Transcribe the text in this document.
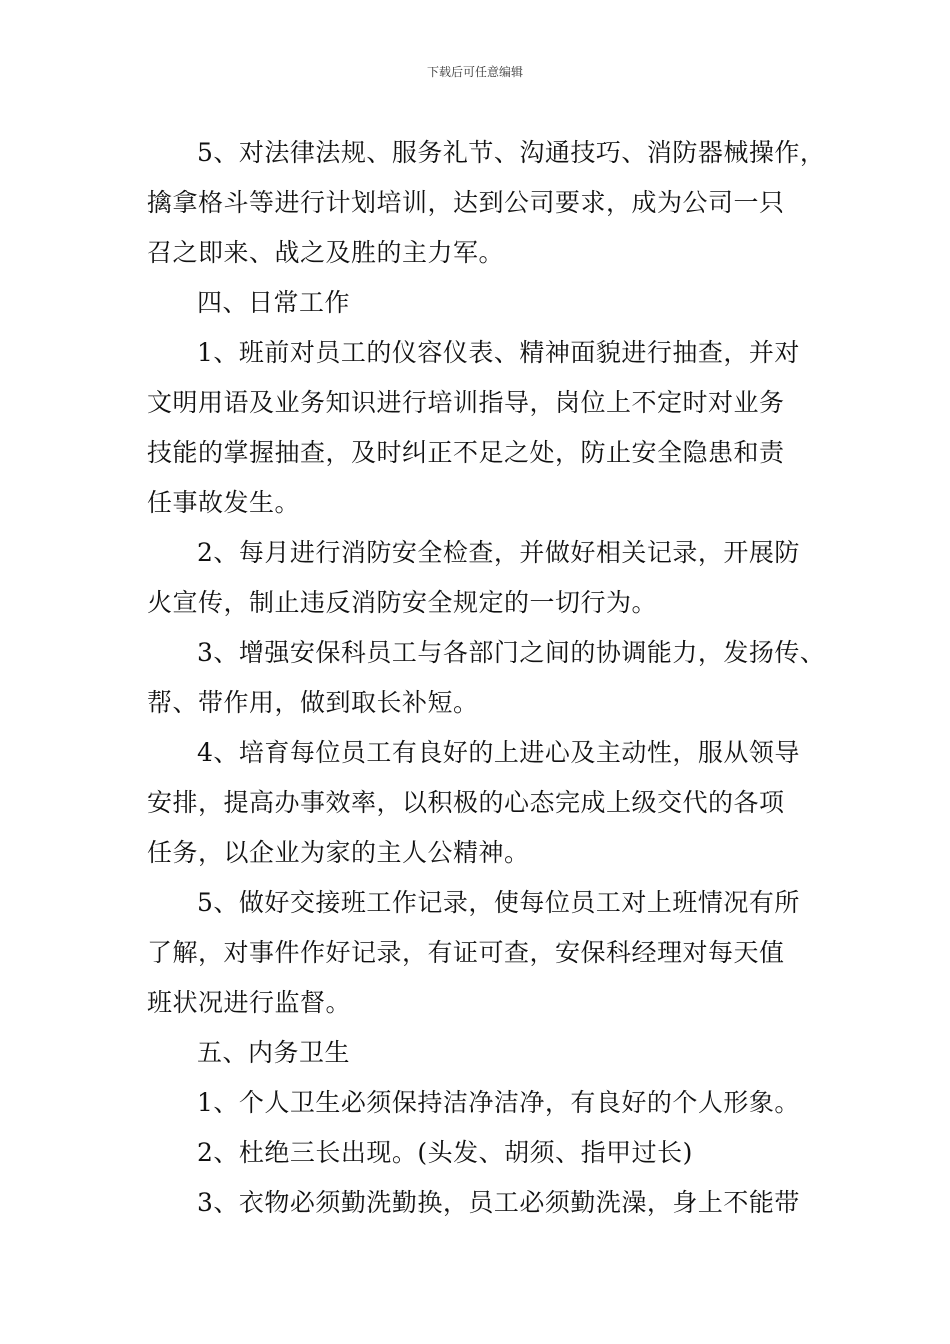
下载后可任意编辑

5、对法律法规、服务礼节、沟通技巧、消防器械操作，
擒拿格斗等进行计划培训，达到公司要求，成为公司一只
召之即来、战之及胜的主力军。

四、日常工作

1、班前对员工的仪容仪表、精神面貌进行抽查，并对
文明用语及业务知识进行培训指导，岗位上不定时对业务
技能的掌握抽查，及时纠正不足之处，防止安全隐患和责
任事故发生。

2、每月进行消防安全检查，并做好相关记录，开展防
火宣传，制止违反消防安全规定的一切行为。

3、增强安保科员工与各部门之间的协调能力，发扬传、
帮、带作用，做到取长补短。

4、培育每位员工有良好的上进心及主动性，服从领导
安排，提高办事效率，以积极的心态完成上级交代的各项
任务，以企业为家的主人公精神。

5、做好交接班工作记录，使每位员工对上班情况有所
了解，对事件作好记录，有证可查，安保科经理对每天值
班状况进行监督。

五、内务卫生

1、个人卫生必须保持洁净洁净，有良好的个人形象。

2、杜绝三长出现。(头发、胡须、指甲过长)

3、衣物必须勤洗勤换，员工必须勤洗澡，身上不能带
